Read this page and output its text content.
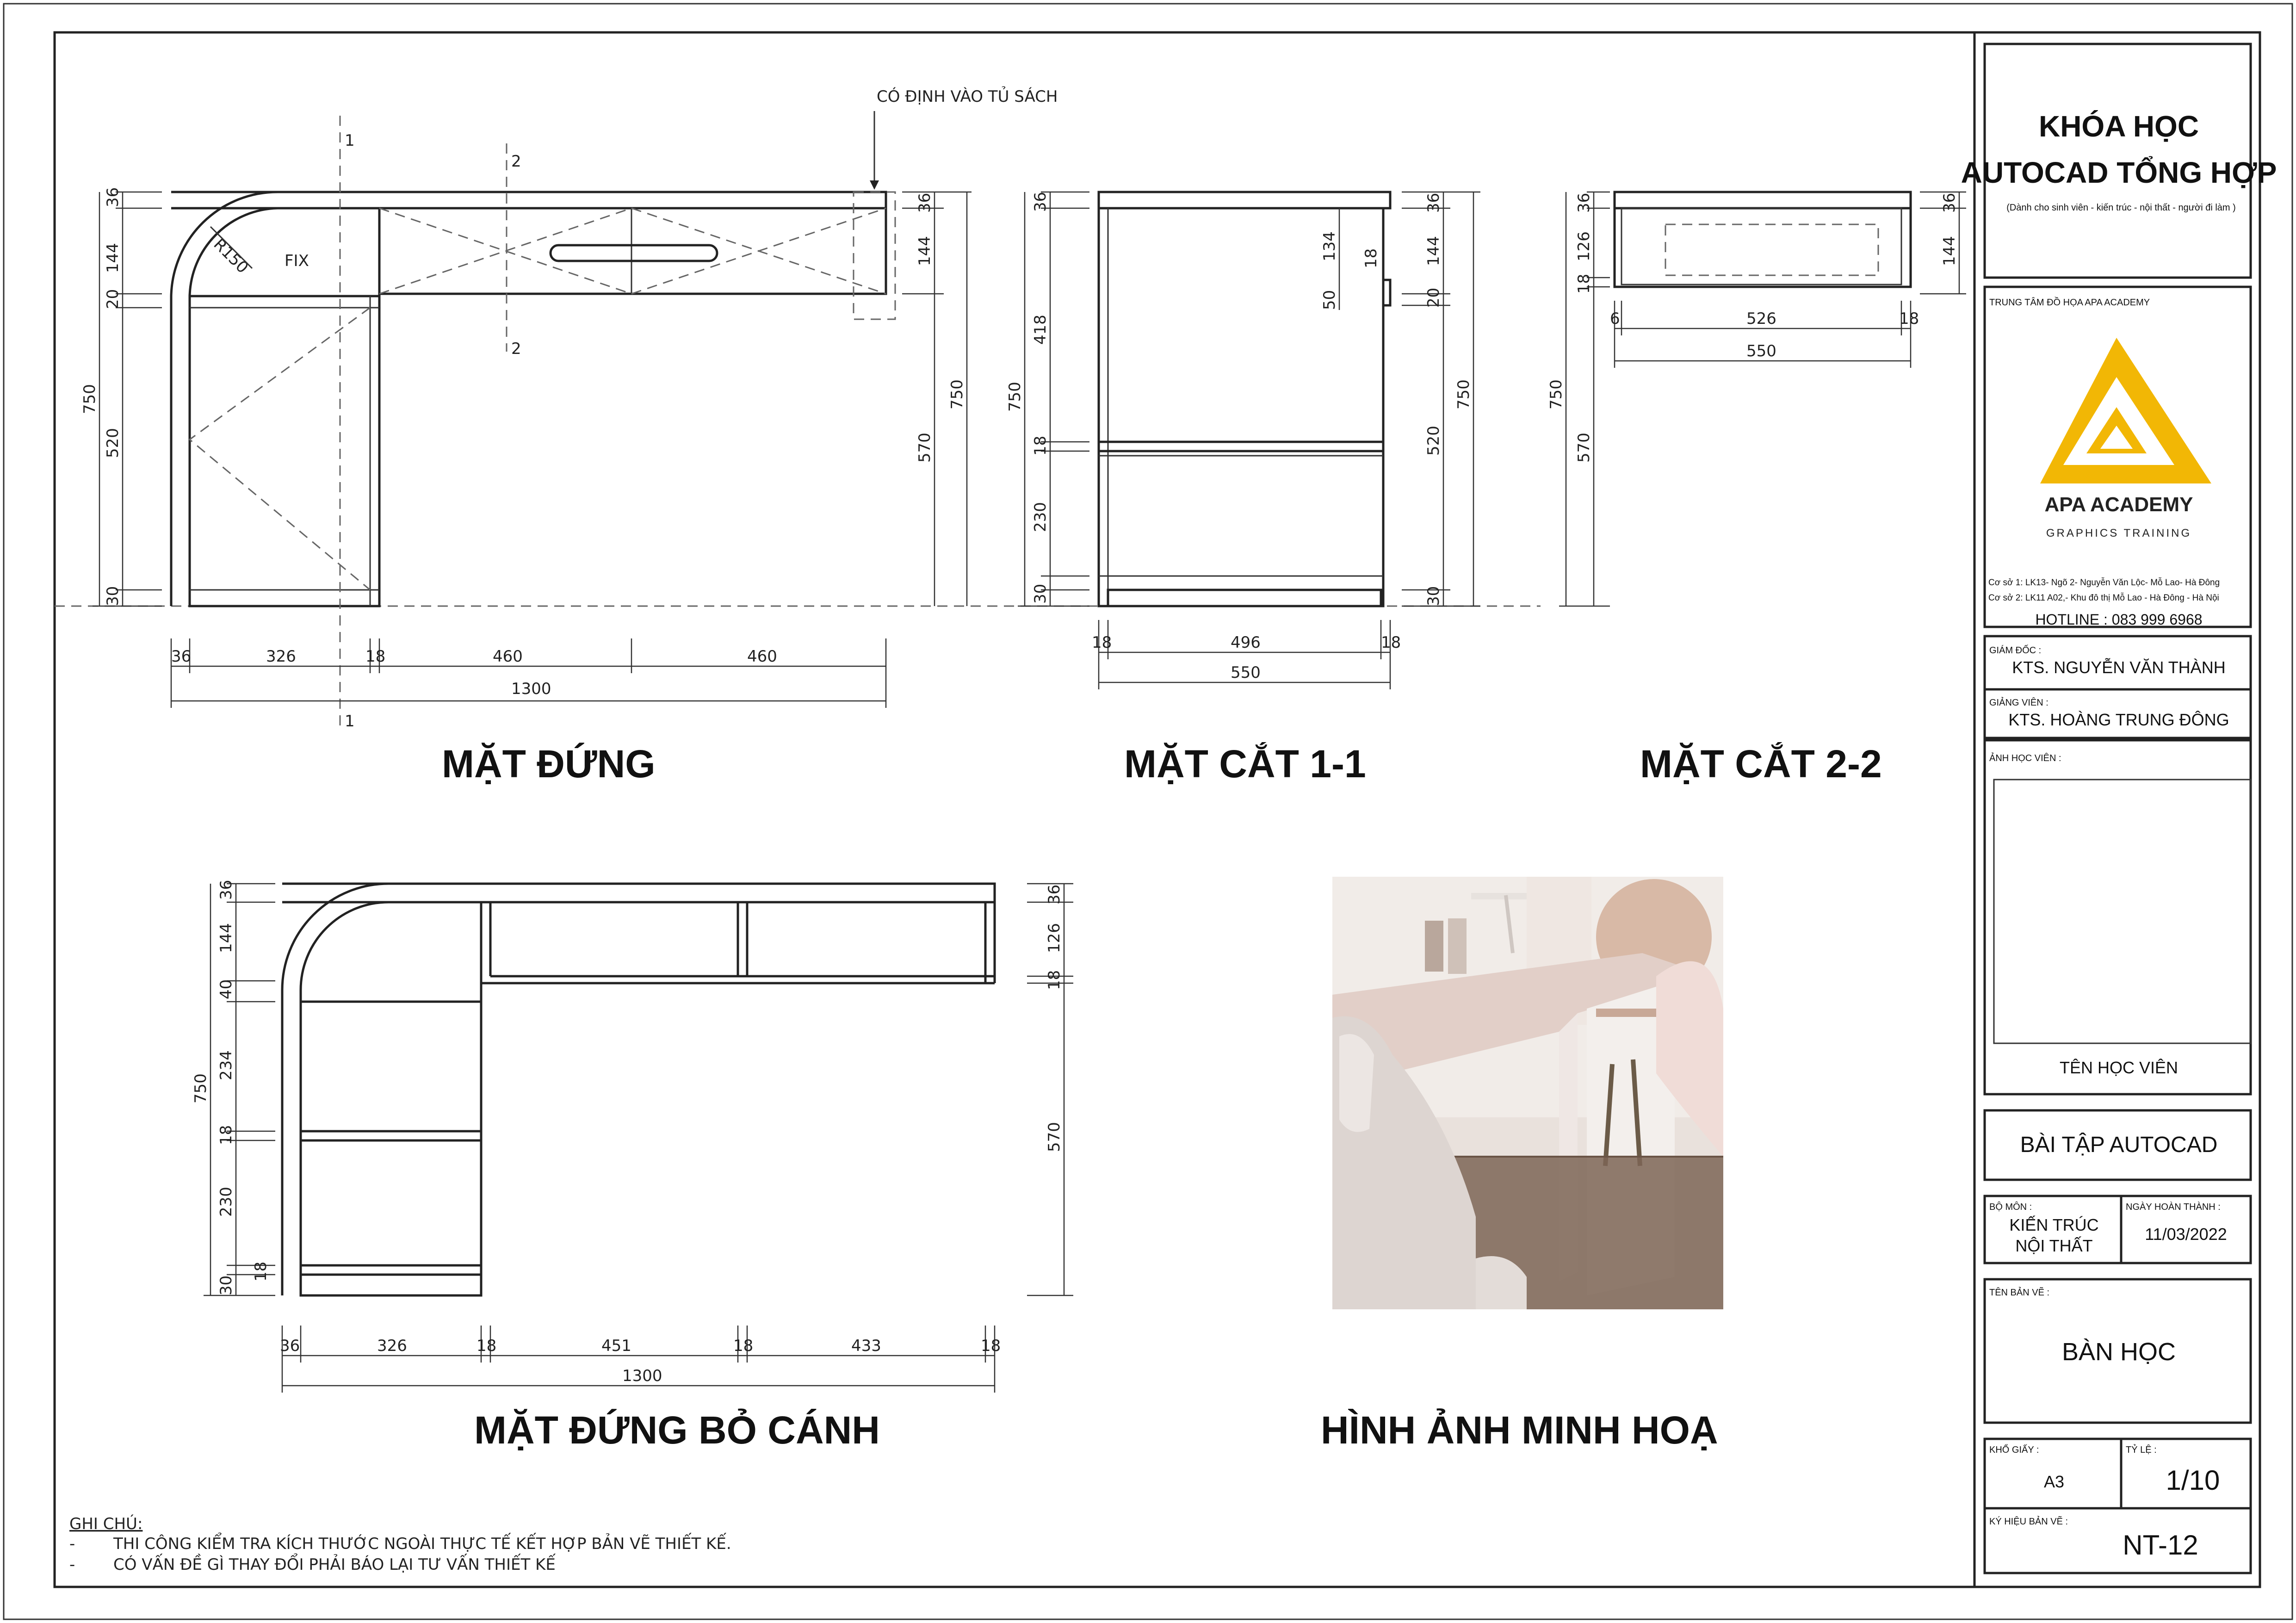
CÓ ĐỊNH VÀO TỦ SÁCH
FIX
R150
1
1
2
2
36
144
20
520
30
750
36
144
570
750
36	326	18	460	460
1300
MẶT ĐỨNG
36
418
18
230
30
750
134
50
18
36
144
20
520
30
750
18	496	18
550
MẶT CẮT 1-1
36
126
18
570
750
36
144
6	526	18
550
MẶT CẮT 2-2
36
144
40
234
18
230
18
30
750
36
126
18
570
36	326	18	451	18	433	18
1300
MẶT ĐỨNG BỎ CÁNH	HÌNH ẢNH MINH HOẠ
GHI CHÚ:
- THI CÔNG KIỂM TRA KÍCH THƯỚC NGOÀI THỰC TẾ KẾT HỢP BẢN VẼ THIẾT KẾ.
- CÓ VẤN ĐỀ GÌ THAY ĐỔI PHẢI BÁO LẠI TƯ VẤN THIẾT KẾ
KHÓA HỌC
AUTOCAD TỔNG HỢP
(Dành cho sinh viên - kiến trúc - nội thất - người đi làm )
TRUNG TÂM ĐỒ HỌA APA ACADEMY
APA ACADEMY
GRAPHICS TRAINING
Cơ sở 1: LK13- Ngõ 2- Nguyễn Văn Lộc- Mỗ Lao- Hà Đông
Cơ sở 2: LK11 A02,- Khu đô thị Mỗ Lao - Hà Đông - Hà Nội
HOTLINE : 083 999 6968
GIÁM ĐỐC :
KTS. NGUYỄN VĂN THÀNH
GIẢNG VIÊN :
KTS. HOÀNG TRUNG ĐÔNG
ẢNH HỌC VIÊN :
TÊN HỌC VIÊN
BÀI TẬP AUTOCAD
BỘ MÔN :
KIẾN TRÚC
NỘI THẤT
NGÀY HOÀN THÀNH :
11/03/2022
TÊN BẢN VẼ :
BÀN HỌC
KHỔ GIẤY :
A3
TỶ LỆ :
1/10
KÝ HIỆU BẢN VẼ :
NT-12
